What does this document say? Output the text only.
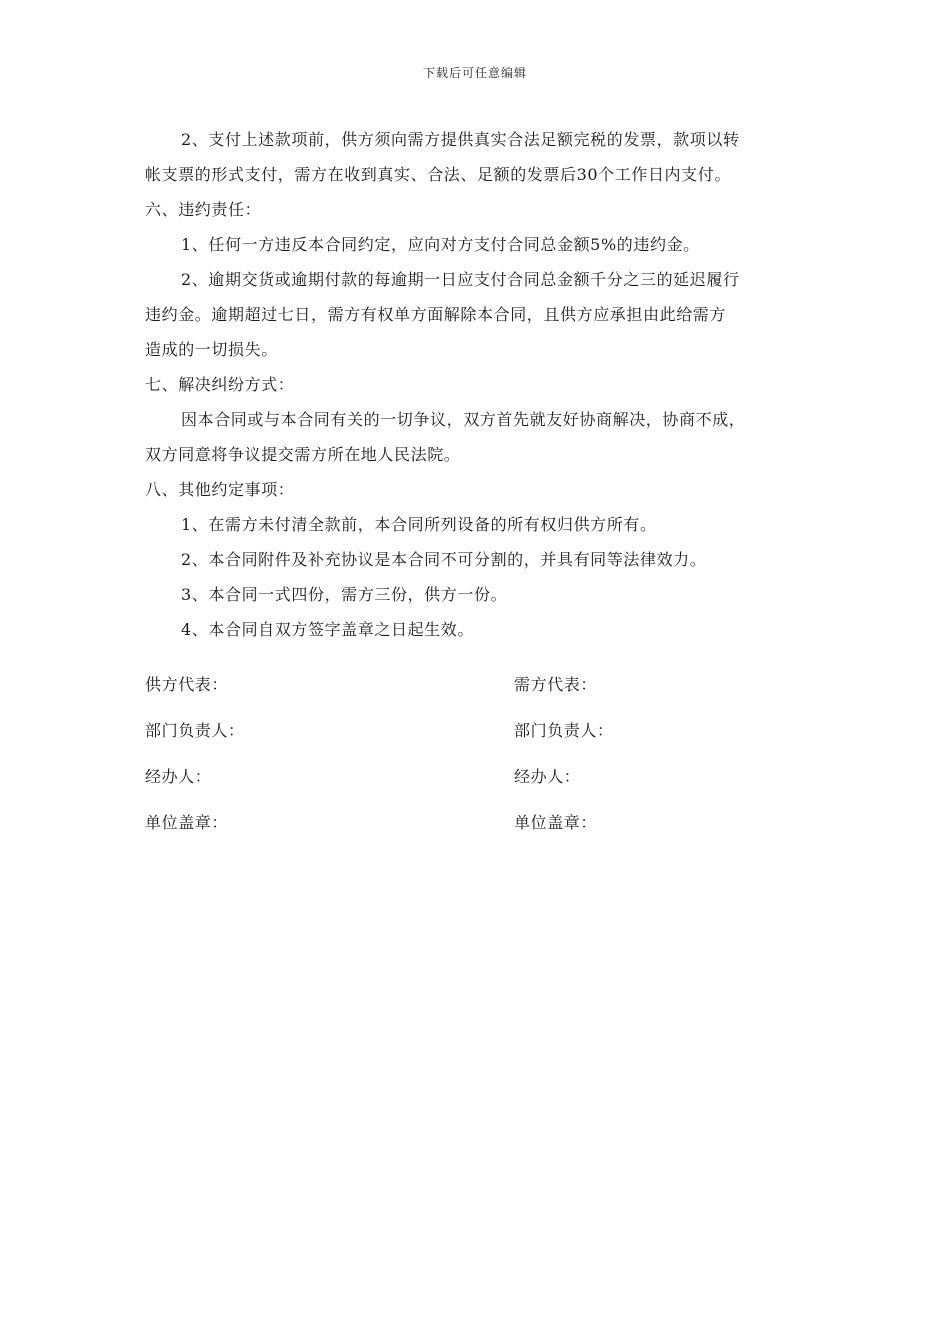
下载后可任意编辑

2、支付上述款项前，供方须向需方提供真实合法足额完税的发票，款项以转

帐支票的形式支付，需方在收到真实、合法、足额的发票后30个工作日内支付。

六、违约责任：

1、任何一方违反本合同约定，应向对方支付合同总金额5%的违约金。

2、逾期交货或逾期付款的每逾期一日应支付合同总金额千分之三的延迟履行

违约金。逾期超过七日，需方有权单方面解除本合同，且供方应承担由此给需方

造成的一切损失。

七、解决纠纷方式：

因本合同或与本合同有关的一切争议，双方首先就友好协商解决，协商不成，

双方同意将争议提交需方所在地人民法院。

八、其他约定事项：

1、在需方未付清全款前，本合同所列设备的所有权归供方所有。

2、本合同附件及补充协议是本合同不可分割的，并具有同等法律效力。

3、本合同一式四份，需方三份，供方一份。

4、本合同自双方签字盖章之日起生效。

供方代表：	需方代表：
部门负责人：	部门负责人：
经办人：	经办人：
单位盖章：	单位盖章：
